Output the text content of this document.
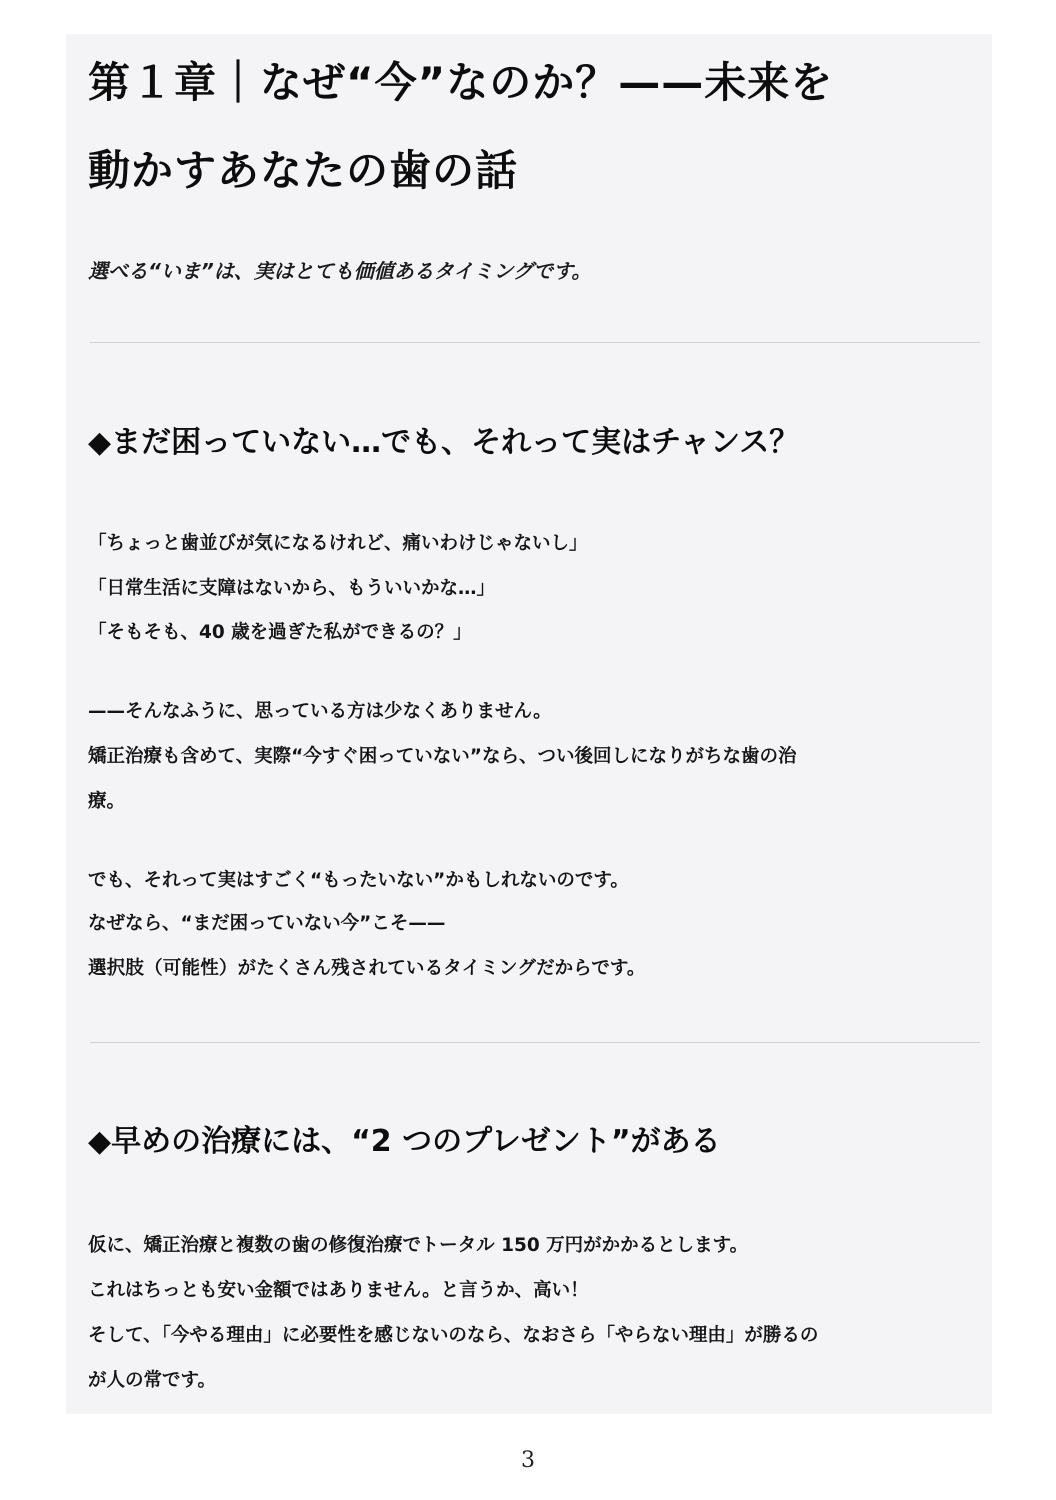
第１章｜なぜ“今”なのか？——未来を
動かすあなたの歯の話
選べる“いま”は、実はとても価値あるタイミングです。
◆まだ困っていない…でも、それって実はチャンス？
「ちょっと歯並びが気になるけれど、痛いわけじゃないし」
「日常生活に支障はないから、もういいかな…」
「そもそも、40 歳を過ぎた私ができるの？」
——そんなふうに、思っている方は少なくありません。
矯正治療も含めて、実際“今すぐ困っていない”なら、つい後回しになりがちな歯の治
療。
でも、それって実はすごく“もったいない”かもしれないのです。
なぜなら、“まだ困っていない今”こそ——
選択肢（可能性）がたくさん残されているタイミングだからです。
◆早めの治療には、“2 つのプレゼント”がある
仮に、矯正治療と複数の歯の修復治療でトータル 150 万円がかかるとします。
これはちっとも安い金額ではありません。と言うか、高い！
そして、「今やる理由」に必要性を感じないのなら、なおさら「やらない理由」が勝るの
が人の常です。
3
